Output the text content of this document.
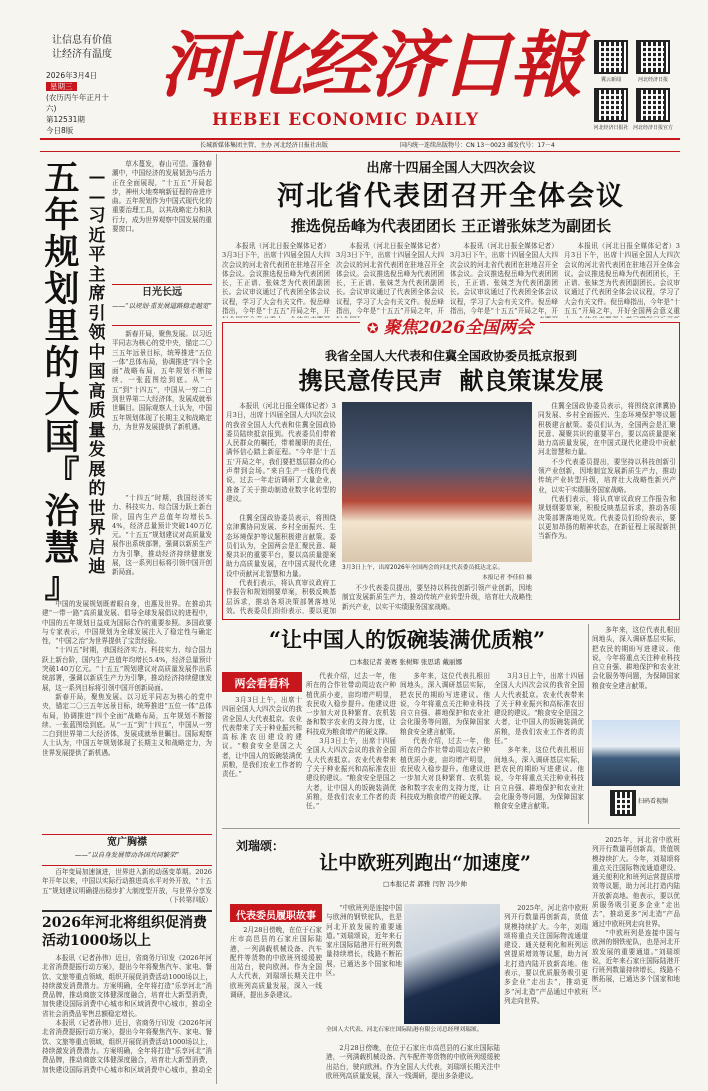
让信息有价值
让经济有温度
2026年3月4日
星期三
(农历丙午年正月十六)
第12531期
今日8版
河北经济日報
HEBEI ECONOMIC DAILY
冀云新闻	河北经济日报
河北经济日报社 河北经济日报官方
长城新媒体集团主管、主办 河北经济日报社出版	国内统一连续出版物号：CN 13－0023 邮发代号：17－4
五
年
规
划
里
的
大
国
『
治
慧
』
—
—
习
近
平
主
席
引
领
中
国
高
质
量
发
展
的
世
界
启
迪

草木蔓发，春山可望。蓬勃春潮中，中国经济的发展韧劲与活力正在全面展现，“十五五”开局起步，神州大地奏响新征程的奋进序曲。五年规划作为中国式现代化的重要治理工具，以其战略定力和执行力，成为世界观察中国发展的重要窗口。

日光长远
——“以规划·重发展道路稳走越宽”

新春开局，聚焦发展。以习近平同志为核心的党中央，锚定二〇三五年远景目标，统筹推进“五位一体”总体布局，协调推进“四个全面”战略布局，五年规划不断接续、一张蓝图绘到底。从“一五”到“十四五”，中国从一穷二白到世界第二大经济体，发展成就举世瞩目。国际观察人士认为，中国五年规划体现了长期主义和战略定力，为世界发展提供了新机遇。

“十四五”时期，我国经济实力、科技实力、综合国力跃上新台阶，国内生产总值年均增长5.4%，经济总量预计突破140万亿元。“十五五”规划建议对高质量发展作出系统部署，强调以新质生产力为引擎，推动经济持续健康发展，这一系列目标将引领中国开创新局面。

中国的发展规划既着眼自身，也惠及世界。在推动共建“一带一路”高质量发展、倡导全球发展倡议的进程中，中国的五年规划日益成为国际合作的重要参照。多国政要与专家表示，中国规划为全球发展注入了稳定性与确定性，“中国之治”为世界提供了宝贵经验。

“十四五”时期，我国经济实力、科技实力、综合国力跃上新台阶，国内生产总值年均增长5.4%，经济总量预计突破140万亿元。“十五五”规划建议对高质量发展作出系统部署，强调以新质生产力为引擎，推动经济持续健康发展，这一系列目标将引领中国开创新局面。

新春开局，聚焦发展。以习近平同志为核心的党中央，锚定二〇三五年远景目标，统筹推进“五位一体”总体布局，协调推进“四个全面”战略布局，五年规划不断接续、一张蓝图绘到底。从“一五”到“十四五”，中国从一穷二白到世界第二大经济体，发展成就举世瞩目。国际观察人士认为，中国五年规划体现了长期主义和战略定力，为世界发展提供了新机遇。

宽广胸襟
——“以自身发展带动各国共同繁荣”

百年变局加速演进，世界进入新的动荡变革期。2026年开年以来，中国以实际行动推进高水平对外开放，“十五五”规划建议明确提出稳步扩大制度型开放，与世界分享发

（下转第四版）
2026年河北将组织促消费活动1000场以上

本报讯（记者孙伟）近日，省商务厅印发《2026年河北省消费提振行动方案》，提出今年将聚焦汽车、家电、餐饮、文旅等重点领域，组织开展促消费活动1000场以上，持续激发消费潜力。方案明确，全年将打造“乐享河北”消费品牌，推动商旅文体健深度融合，培育壮大新型消费，加快建设国际消费中心城市和区域消费中心城市，推动全省社会消费品零售总额稳定增长。

本报讯（记者孙伟）近日，省商务厅印发《2026年河北省消费提振行动方案》，提出今年将聚焦汽车、家电、餐饮、文旅等重点领域，组织开展促消费活动1000场以上，持续激发消费潜力。方案明确，全年将打造“乐享河北”消费品牌，推动商旅文体健深度融合，培育壮大新型消费，加快建设国际消费中心城市和区域消费中心城市，推动全

出席十四届全国人大四次会议
河北省代表团召开全体会议
推选倪岳峰为代表团团长 王正谱张妹芝为副团长

本报讯（河北日报全媒体记者）3月3日下午，出席十四届全国人大四次会议的河北省代表团在驻地召开全体会议。会议推选倪岳峰为代表团团长，王正谱、张妹芝为代表团副团长。会议审议通过了代表团全体会议议程，学习了大会有关文件。倪岳峰指出，今年是“十五五”开局之年，开

本报讯（河北日报全媒体记者）3月3日下午，出席十四届全国人大四次会议的河北省代表团在驻地召开全体会议。会议推选倪岳峰为代表团团长，王正谱、张妹芝为代表团副团长。会议审议通过了代表团全体会议议程，学习了大会有关文件。倪岳峰指出，今年是“十五五”开局之年，开

本报讯（河北日报全媒体记者）3月3日下午，出席十四届全国人大四次会议的河北省代表团在驻地召开全体会议。会议推选倪岳峰为代表团团长，王正谱、张妹芝为代表团副团长。会议审议通过了代表团全体会议议程，学习了大会有关文件。倪岳峰指出，今年是“十五五”开局之年，开

本报讯（河北日报全媒体记者）3月3日下午，出席十四届全国人大四次会议的河北省代表团在驻地召开全体会议。会议推选倪岳峰为代表团团长，王正谱、张妹芝为代表团副团长。会议审议通过了代表团全体会议议程，学习了大会有关文件。倪岳峰指出，今年是“十五五”开局之年，开好全国两会意义重

✪ 聚焦2026全国两会
我省全国人大代表和住冀全国政协委员抵京报到
携民意传民声  献良策谋发展

本报讯（河北日报全媒体记者）3月3日，出席十四届全国人大四次会议的我省全国人大代表和住冀全国政协委员陆续抵京报到。代表委员们带着人民群众的嘱托，带着履职的责任，满怀信心踏上新征程。“今年是‘十五五’开局之年，我们要把基层群众的心声带到会场。”来自生产一线的代表说，过去一年走访调研了大量企业，准备了关于推动制造业数字化转型的建议。

3月3日上午，出席2026年全国两会的河北代表委员抵达北京。
本报记者 李佳伯 摄

住冀全国政协委员表示，将围绕京津冀协同发展、乡村全面振兴、生态环境保护等议题积极建言献策。委员们认为，全国两会是汇聚民意、凝聚共识的重要平台，要以高质量提案助力高质量发展，在中国式现代化建设中贡献河北智慧和力量。

不少代表委员提出，要坚持以科技创新引领产业创新，因地制宜发展新质生产力，推动传统产业转型升级，培育壮大战略性新兴产业，以实干实绩服务国家战略。

代表们表示，将认真审议政府工作报告和规划纲要草案，积极反映基层诉求，推动各项决策部署落地见效。代表委员们纷纷表示，要以更加昂扬的精神状态，在新征程上展现新担当新作为。

住冀全国政协委员表示，将围绕京津冀协同发展、乡村全面振兴、生态环境保护等议题积极建言献策。委员们认为，全国两会是汇聚民意、凝聚共识的重要平台，要以高质量提案助力高质量发展，在中国式现代化建设中贡献河北智慧和力量。

代表们表示，将认真审议政府工作报告和规划纲要草案，积极反映基层诉求，推动各项决策部署落地见效。代表委员们纷纷表示，要以更加

不少代表委员提出，要坚持以科技创新引领产业创新，因地制宜发展新质生产力，推动传统产业转型升级，培育壮大战略性新兴产业，以实干实绩服务国家战略。

“让中国人的饭碗装满优质粮”
□本报记者 姜赛 张树辉 张思诺 戴丽娜
两会看看科

3月3日上午，出席十四届全国人大四次会议的我省全国人大代表抵京。农业代表带来了关于种业振兴和高标准农田建设的建议。“粮食安全是国之大者，让中国人的饭碗装满优质粮，是我们农业工作者的责任。”

代表介绍，过去一年，他所在的合作社带动周边农户种植优质小麦，亩均增产明显，农民收入稳步提升。他建议进一步加大对良种繁育、农机装备和数字农业的支持力度，让科技成为粮食增产的硬支撑。

3月3日上午，出席十四届全国人大四次会议的我省全国人大代表抵京。农业代表带来了关于种业振兴和高标准农田建设的建议。“粮食安全是国之大者，让中国人的饭碗装满优质粮，是我们农业工作者的责任。”

多年来，这位代表扎根田间地头，深入调研基层实际，把农民的期盼写进建议。他说，今年将重点关注种业科技自立自强、耕地保护和农业社会化服务等问题，为保障国家粮食安全建言献策。

代表介绍，过去一年，他所在的合作社带动周边农户种植优质小麦，亩均增产明显，农民收入稳步提升。他建议进一步加大对良种繁育、农机装备和数字农业的支持力度，让科技成为粮食增产的硬支撑。

3月3日上午，出席十四届全国人大四次会议的我省全国人大代表抵京。农业代表带来了关于种业振兴和高标准农田建设的建议。“粮食安全是国之大者，让中国人的饭碗装满优质粮，是我们农业工作者的责任。”

多年来，这位代表扎根田间地头，深入调研基层实际，把农民的期盼写进建议。他说，今年将重点关注种业科技自立自强、耕地保护和农业社会化服务等问题，为保障国家粮食安全建言献策。

多年来，这位代表扎根田间地头，深入调研基层实际，把农民的期盼写进建议。他说，今年将重点关注种业科技自立自强、耕地保护和农业社会化服务等问题，为保障国家粮食安全建言献策。

扫码看视频
刘瑞颂：
让中欧班列跑出“加速度”
□本报记者 郭雅 闫智 冯少帅
代表委员履职故事

2月28日傍晚，在位于石家庄市高邑县的石家庄国际陆港，一列满载机械设备、汽车配件等货物的中欧班列缓缓驶出站台，驶向欧洲。作为全国人大代表，刘瑞颂长期关注中欧班列高质量发展，深入一线调研，提出多条建议。

“中欧班列是连接中国与欧洲的钢铁驼队，也是河北开放发展的重要通道。”刘瑞颂说，近年来石家庄国际陆港开行班列数量持续增长，线路不断拓展，已通达多个国家和地区。

全国人大代表、河北石家庄国际陆港有限公司总经理刘瑞颂。

2月28日傍晚，在位于石家庄市高邑县的石家庄国际陆港，一列满载机械设备、汽车配件等货物的中欧班列缓缓驶出站台，驶向欧洲。作为全国人大代表，刘瑞颂长期关注中欧班列高质量发展，深入一线调研，提出多条建议。

2025年，河北省中欧班列开行数量再创新高，货值规模持续扩大。今年，刘瑞颂将重点关注国际物流通道建设、通关便利化和班列运营提质增效等议题，助力河北打造内陆开放新高地。他表示，要以优质服务吸引更多企业“走出去”，推动更多“河北造”产品通过中欧班列走向世界。

2025年，河北省中欧班列开行数量再创新高，货值规模持续扩大。今年，刘瑞颂将重点关注国际物流通道建设、通关便利化和班列运营提质增效等议题，助力河北打造内陆开放新高地。他表示，要以优质服务吸引更多企业“走出去”，推动更多“河北造”产品通过中欧班列走向世界。

“中欧班列是连接中国与欧洲的钢铁驼队，也是河北开放发展的重要通道。”刘瑞颂说，近年来石家庄国际陆港开行班列数量持续增长，线路不断拓展，已通达多个国家和地区。
